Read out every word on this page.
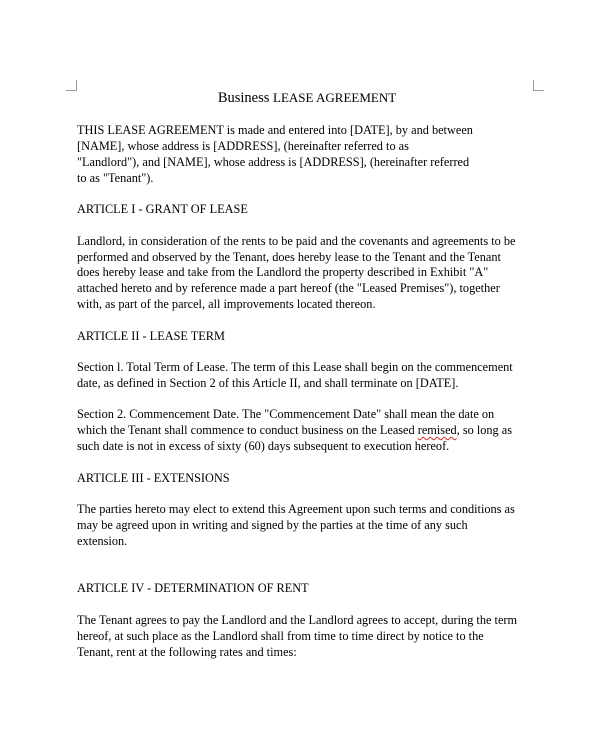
Business LEASE AGREEMENT
THIS LEASE AGREEMENT is made and entered into [DATE], by and between
[NAME], whose address is [ADDRESS], (hereinafter referred to as
"Landlord"), and [NAME], whose address is [ADDRESS], (hereinafter referred
to as "Tenant").
ARTICLE I - GRANT OF LEASE
Landlord, in consideration of the rents to be paid and the covenants and agreements to be
performed and observed by the Tenant, does hereby lease to the Tenant and the Tenant
does hereby lease and take from the Landlord the property described in Exhibit "A"
attached hereto and by reference made a part hereof (the "Leased Premises"), together
with, as part of the parcel, all improvements located thereon.
ARTICLE II - LEASE TERM
Section l. Total Term of Lease. The term of this Lease shall begin on the commencement
date, as defined in Section 2 of this Article II, and shall terminate on [DATE].
Section 2. Commencement Date. The "Commencement Date" shall mean the date on
which the Tenant shall commence to conduct business on the Leased remised, so long as
such date is not in excess of sixty (60) days subsequent to execution hereof.
ARTICLE III - EXTENSIONS
The parties hereto may elect to extend this Agreement upon such terms and conditions as
may be agreed upon in writing and signed by the parties at the time of any such
extension.
ARTICLE IV - DETERMINATION OF RENT
The Tenant agrees to pay the Landlord and the Landlord agrees to accept, during the term
hereof, at such place as the Landlord shall from time to time direct by notice to the
Tenant, rent at the following rates and times:
